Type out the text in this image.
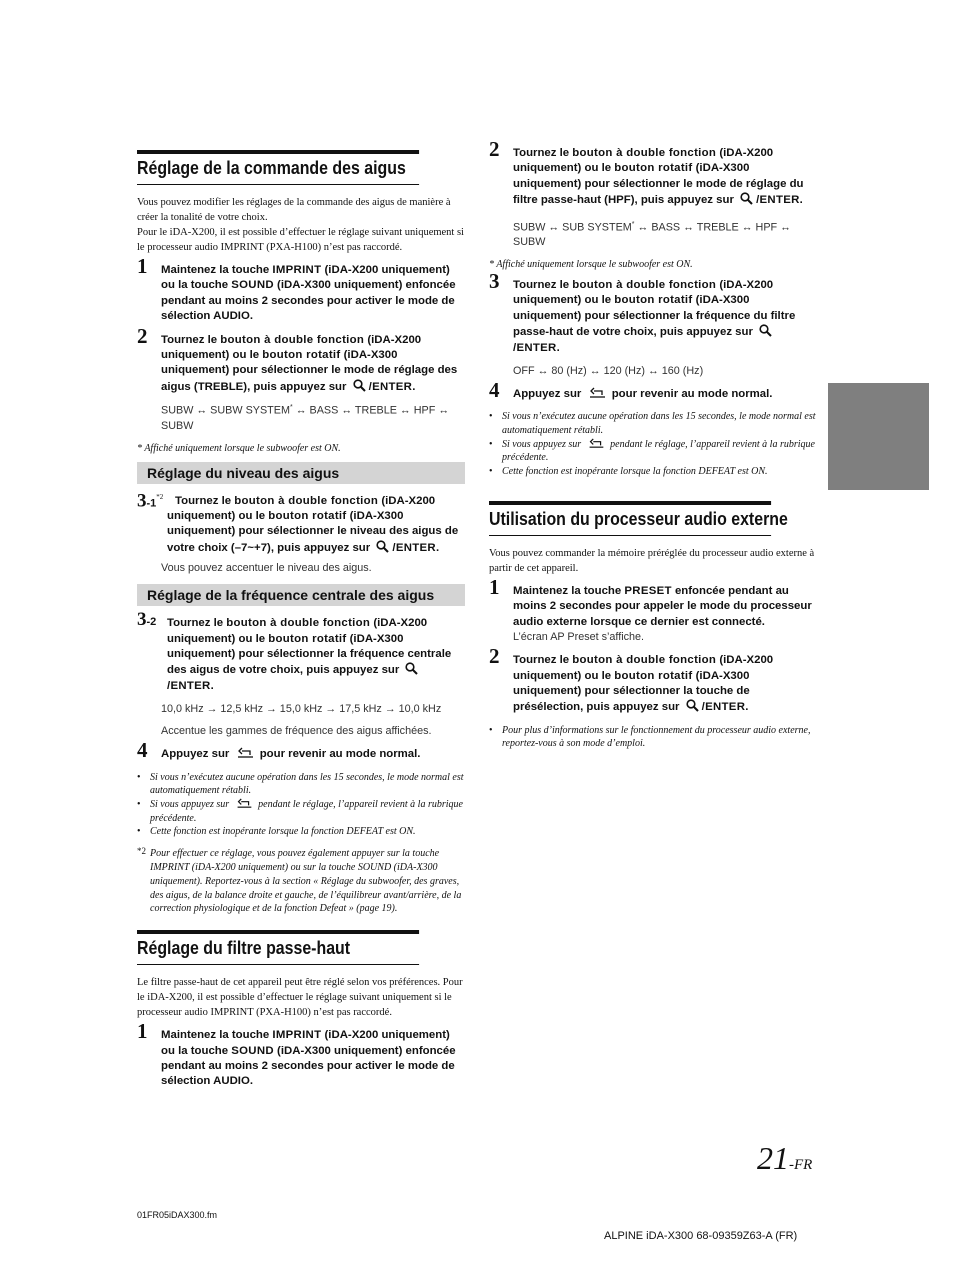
Réglage de la commande des aigus

Vous pouvez modifier les réglages de la commande des aigus de manière à créer la tonalité de votre choix.

Pour le iDA-X200, il est possible d’effectuer le réglage suivant uniquement si le processeur audio IMPRINT (PXA-H100) n’est pas raccordé.

1 Maintenez la touche IMPRINT (iDA-X200 uniquement) ou la touche SOUND (iDA-X300 uniquement) enfoncée pendant au moins 2 secondes pour activer le mode de sélection AUDIO.
2 Tournez le bouton à double fonction (iDA-X200 uniquement) ou le bouton rotatif (iDA-X300 uniquement) pour sélectionner le mode de réglage des aigus (TREBLE), puis appuyez sur /ENTER.
SUBW ↔ SUBW SYSTEM* ↔ BASS ↔ TREBLE ↔ HPF ↔ SUBW

* Affiché uniquement lorsque le subwoofer est ON.

Réglage du niveau des aigus
3-1$^{*2}$ Tournez le bouton à double fonction (iDA-X200 uniquement) ou le bouton rotatif (iDA-X300 uniquement) pour sélectionner le niveau des aigus de votre choix (–7~+7), puis appuyez sur /ENTER.
Vous pouvez accentuer le niveau des aigus.
Réglage de la fréquence centrale des aigus
3-2 Tournez le bouton à double fonction (iDA-X200 uniquement) ou le bouton rotatif (iDA-X300 uniquement) pour sélectionner la fréquence centrale des aigus de votre choix, puis appuyez sur /ENTER.
10,0 kHz → 12,5 kHz → 15,0 kHz → 17,5 kHz → 10,0 kHz
Accentue les gammes de fréquence des aigus affichées.
4 Appuyez sur  pour revenir au mode normal.
• Si vous n’exécutez aucune opération dans les 15 secondes, le mode normal est automatiquement rétabli.
• Si vous appuyez sur  pendant le réglage, l’appareil revient à la rubrique précédente.
• Cette fonction est inopérante lorsque la fonction DEFEAT est ON.
*2 Pour effectuer ce réglage, vous pouvez également appuyer sur la touche IMPRINT (iDA-X200 uniquement) ou sur la touche SOUND (iDA-X300 uniquement). Reportez-vous à la section « Réglage du subwoofer, des graves, des aigus, de la balance droite et gauche, de l’équilibreur avant/arrière, de la correction physiologique et de la fonction Defeat » (page 19).
Réglage du filtre passe-haut

Le filtre passe-haut de cet appareil peut être réglé selon vos préférences. Pour le iDA-X200, il est possible d’effectuer le réglage suivant uniquement si le processeur audio IMPRINT (PXA-H100) n’est pas raccordé.

1 Maintenez la touche IMPRINT (iDA-X200 uniquement) ou la touche SOUND (iDA-X300 uniquement) enfoncée pendant au moins 2 secondes pour activer le mode de sélection AUDIO.
2 Tournez le bouton à double fonction (iDA-X200 uniquement) ou le bouton rotatif (iDA-X300 uniquement) pour sélectionner le mode de réglage du filtre passe-haut (HPF), puis appuyez sur /ENTER.
SUBW ↔ SUB SYSTEM* ↔ BASS ↔ TREBLE ↔ HPF ↔ SUBW

* Affiché uniquement lorsque le subwoofer est ON.

3 Tournez le bouton à double fonction (iDA-X200 uniquement) ou le bouton rotatif (iDA-X300 uniquement) pour sélectionner la fréquence du filtre passe-haut de votre choix, puis appuyez sur /ENTER.
OFF ↔ 80 (Hz) ↔ 120 (Hz) ↔ 160 (Hz)
4 Appuyez sur  pour revenir au mode normal.
• Si vous n’exécutez aucune opération dans les 15 secondes, le mode normal est automatiquement rétabli.
• Si vous appuyez sur  pendant le réglage, l’appareil revient à la rubrique précédente.
• Cette fonction est inopérante lorsque la fonction DEFEAT est ON.
Utilisation du processeur audio externe

Vous pouvez commander la mémoire préréglée du processeur audio externe à partir de cet appareil.

1 Maintenez la touche PRESET enfoncée pendant au moins 2 secondes pour appeler le mode du processeur audio externe lorsque ce dernier est connecté.
L’écran AP Preset s’affiche.
2 Tournez le bouton à double fonction (iDA-X200 uniquement) ou le bouton rotatif (iDA-X300 uniquement) pour sélectionner la touche de présélection, puis appuyez sur /ENTER.
• Pour plus d’informations sur le fonctionnement du processeur audio externe, reportez-vous à son mode d’emploi.
21-FR
01FR05iDAX300.fm
ALPINE iDA-X300 68-09359Z63-A (FR)
